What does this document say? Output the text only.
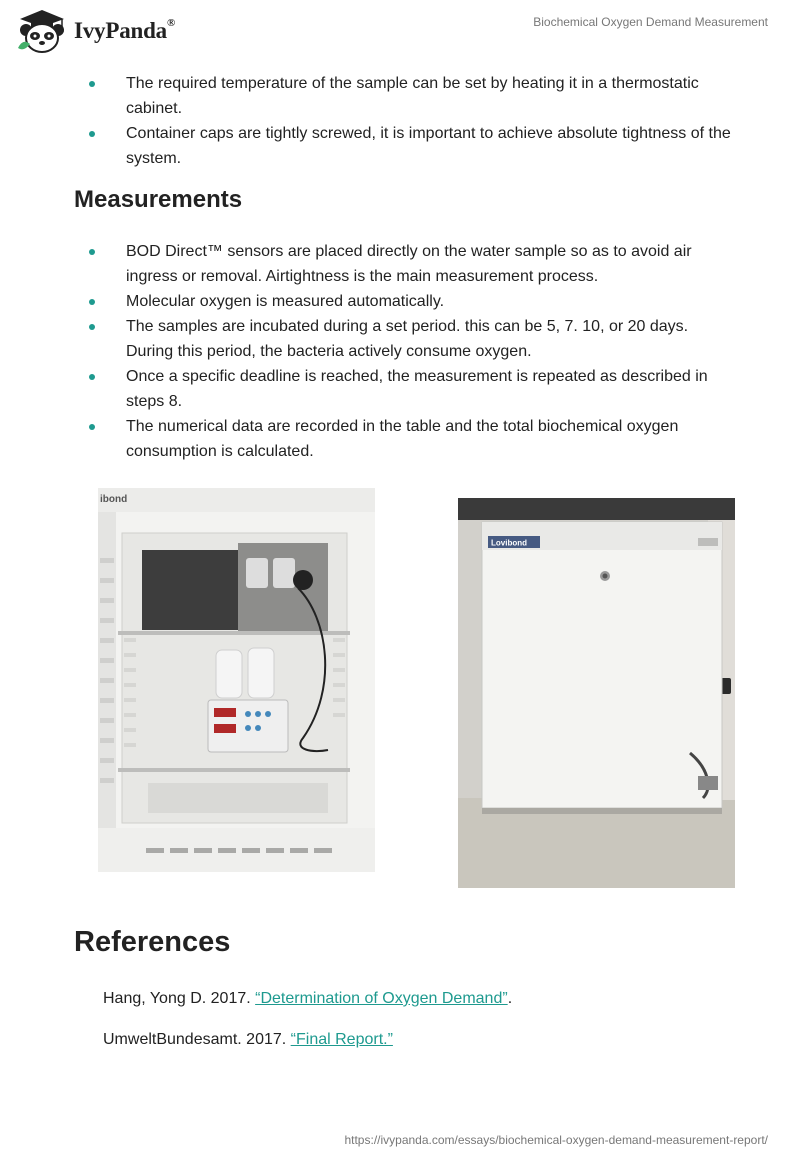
IvyPanda®	Biochemical Oxygen Demand Measurement
The required temperature of the sample can be set by heating it in a thermostatic cabinet.
Container caps are tightly screwed, it is important to achieve absolute tightness of the system.
Measurements
BOD Direct™ sensors are placed directly on the water sample so as to avoid air ingress or removal. Airtightness is the main measurement process.
Molecular oxygen is measured automatically.
The samples are incubated during a set period. this can be 5, 7. 10, or 20 days. During this period, the bacteria actively consume oxygen.
Once a specific deadline is reached, the measurement is repeated as described in steps 8.
The numerical data are recorded in the table and the total biochemical oxygen consumption is calculated.
ibond
Lovibond
References
Hang, Yong D. 2017. “Determination of Oxygen Demand”.
UmweltBundesamt. 2017. “Final Report.”
https://ivypanda.com/essays/biochemical-oxygen-demand-measurement-report/
